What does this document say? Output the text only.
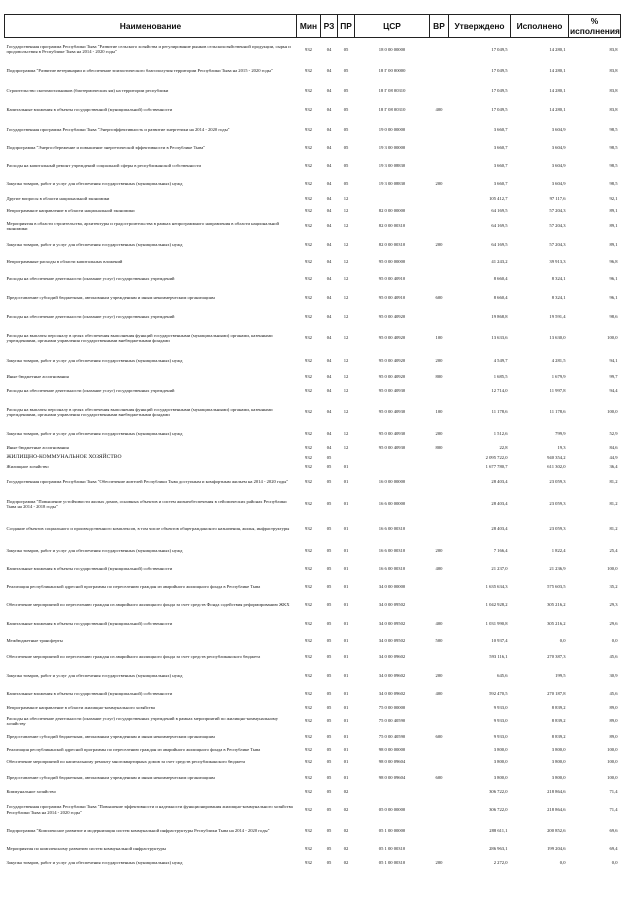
Наименование	Мин	РЗ	ПР	ЦСР	ВР	Утверждено	Исполнено	% исполнения
Государственная программа Республики Тыва "Развитие сельского хозяйства и регулирование рынков сельскохозяйственной продукции, сырья и продовольствия в Республике Тыва на 2014 - 2020 годы"	932	04	05	18 0 00 00000		17 049,5	14 280,1	83,8
Подпрограмма "Развитие ветеринарии и обеспечение эпизоотического благополучия территории Республики Тыва на 2015 - 2020 годы"	932	04	05	18 Г 00 00000		17 049,5	14 280,1	83,8
Строительство скотомогильников (биотермических ям) на территории республики	932	04	05	18 Г 08 00310		17 049,5	14 280,1	83,8
Капитальные вложения в объекты государственной (муниципальной) собственности	932	04	05	18 Г 08 00310	400	17 049,5	14 280,1	83,8
Государственная программа Республики Тыва "Энергоэффективность и развитие энергетики на 2014 - 2020 годы"	932	04	05	19 0 00 00000		3 660,7	3 604,9	98,5
Подпрограмма "Энергосбережение и повышение энергетической эффективности в Республике Тыва"	932	04	05	19 3 00 00000		3 660,7	3 604,9	98,5
Расходы на капитальный ремонт учреждений социальной сферы в республиканской собственности	932	04	05	19 3 00 08830		3 660,7	3 604,9	98,5
Закупка товаров, работ и услуг для обеспечения государственных (муниципальных) нужд	932	04	05	19 3 00 08830	200	3 660,7	3 604,9	98,5
Другие вопросы в области национальной экономики	932	04	12			105 412,7	97 117,6	92,1
Непрограммное направление в области национальной экономики	932	04	12	82 0 00 00000		64 169,5	57 204,3	89,1
Мероприятия в области строительства, архитектуры и градостроительства в рамках непрограммного направления в области национальной экономики	932	04	12	82 0 00 00310		64 169,5	57 204,3	89,1
Закупка товаров, работ и услуг для обеспечения государственных (муниципальных) нужд	932	04	12	82 0 00 00310	200	64 169,5	57 204,3	89,1
Непрограммные расходы в области капитальных вложений	932	04	12	95 0 00 00000		41 243,2	39 913,3	96,8
Расходы на обеспечение деятельности (оказание услуг) государственных учреждений	932	04	12	95 0 00 40910		8 660,4	8 324,1	96,1
Предоставление субсидий бюджетным, автономным учреждениям и иным некоммерческим организациям	932	04	12	95 0 00 40910	600	8 660,4	8 324,1	96,1
Расходы на обеспечение деятельности (оказание услуг) государственных учреждений	932	04	12	95 0 00 40920		19 868,8	19 591,4	98,6
Расходы на выплаты персоналу в целях обеспечения выполнения функций государственными (муниципальными) органами, казенными учреждениями, органами управления государственными внебюджетными фондами	932	04	12	95 0 00 40920	100	13 633,6	13 630,0	100,0
Закупка товаров, работ и услуг для обеспечения государственных (муниципальных) нужд	932	04	12	95 0 00 40920	200	4 549,7	4 281,5	94,1
Иные бюджетные ассигнования	932	04	12	95 0 00 40920	800	1 685,5	1 679,9	99,7
Расходы на обеспечение деятельности (оказание услуг) государственных учреждений	932	04	12	95 0 00 40930		12 714,0	11 997,8	94,4
Расходы на выплаты персоналу в целях обеспечения выполнения функций государственными (муниципальными) органами, казенными учреждениями, органами управления государственными внебюджетными фондами	932	04	12	95 0 00 40930	100	11 178,6	11 178,6	100,0
Закупка товаров, работ и услуг для обеспечения государственных (муниципальных) нужд	932	04	12	95 0 00 40930	200	1 512,6	799,9	52,9
Иные бюджетные ассигнования	932	04	12	95 0 00 40930	800	22,8	19,3	84,6
ЖИЛИЩНО-КОММУНАЛЬНОЕ ХОЗЯЙСТВО	932	05				2 095 722,0	940 354,2	44,9
Жилищное хозяйство	932	05	01			1 677 780,7	611 302,0	36,4
Государственная программа Республики Тыва "Обеспечение жителей Республики Тыва доступным и комфортным жильем на 2014 - 2020 годы"	932	05	01	16 0 00 00000		28 403,4	23 059,3	81,2
Подпрограмма "Повышение устойчивости жилых домов, основных объектов и систем жизнеобеспечения в сейсмических районах Республики Тыва на 2014 - 2018 годы"	932	05	01	16 6 00 00000		28 403,4	23 059,3	81,2
Создание объектов социального и производственного комплексов, в том числе объектов общегражданского назначения, жилья, инфраструктуры	932	05	01	16 6 00 00310		28 403,4	23 059,3	81,2
Закупка товаров, работ и услуг для обеспечения государственных (муниципальных) нужд	932	05	01	16 6 00 00310	200	7 166,4	1 822,4	25,4
Капитальные вложения в объекты государственной (муниципальной) собственности	932	05	01	16 6 00 00310	400	21 237,0	21 236,9	100,0
Реализация республиканской адресной программы по переселению граждан из аварийного жилищного фонда в Республике Тыва	932	05	01	34 0 00 00000		1 635 634,3	575 603,5	35,2
Обеспечение мероприятий по переселению граждан из аварийного жилищного фонда за счет средств Фонда содействия реформированию ЖКХ	932	05	01	34 0 00 09502		1 042 928,2	305 216,2	29,3
Капитальные вложения в объекты государственной (муниципальной) собственности	932	05	01	34 0 00 09502	400	1 031 990,8	305 216,2	29,6
Межбюджетные трансферты	932	05	01	34 0 00 09502	500	10 937,4	0,0	0,0
Обеспечение мероприятий по переселению граждан из аварийного жилищного фонда за счет средств республиканского бюджета	932	05	01	34 0 00 09602		593 116,1	270 387,3	45,6
Закупка товаров, работ и услуг для обеспечения государственных (муниципальных) нужд	932	05	01	34 0 00 09602	200	645,6	199,5	30,9
Капитальные вложения в объекты государственной (муниципальной) собственности	932	05	01	34 0 00 09602	400	592 470,5	270 187,8	45,6
Непрограммное направление в области жилищно-коммунального хозяйства	932	05	01	75 0 00 00000		9 933,0	8 839,2	89,0
Расходы на обеспечение деятельности (оказание услуг) государственных учреждений в рамках мероприятий по жилищно-коммунальному хозяйству	932	05	01	75 0 00 40590		9 933,0	8 839,2	89,0
Предоставление субсидий бюджетным, автономным учреждениям и иным некоммерческим организациям	932	05	01	75 0 00 40590	600	9 933,0	8 839,2	89,0
Реализация республиканской адресной программы по переселению граждан из аварийного жилищного фонда в Республике Тыва	932	05	01	98 0 00 00000		3 800,0	3 800,0	100,0
Обеспечение мероприятий по капитальному ремонту многоквартирных домов за счет средств республиканского бюджета	932	05	01	98 0 00 09604		3 800,0	3 800,0	100,0
Предоставление субсидий бюджетным, автономным учреждениям и иным некоммерческим организациям	932	05	01	98 0 00 09604	600	3 800,0	3 800,0	100,0
Коммунальное хозяйство	932	05	02			306 722,0	218 864,6	71,4
Государственная программа Республики Тыва "Повышение эффективности и надежности функционирования жилищно-коммунального хозяйства Республики Тыва на 2014 - 2020 годы"	932	05	02	05 0 00 00000		306 722,0	218 864,6	71,4
Подпрограмма "Комплексное развитие и модернизация систем коммунальной инфраструктуры Республики Тыва на 2014 - 2020 годы"	932	05	02	05 1 00 00000		288 611,1	200 852,6	69,6
Мероприятия по комплексному развитию систем коммунальной инфраструктуры	932	05	02	05 1 00 00310		286 963,1	199 204,6	69,4
Закупка товаров, работ и услуг для обеспечения государственных (муниципальных) нужд	932	05	02	05 1 00 00310	200	2 272,0	0,0	0,0
